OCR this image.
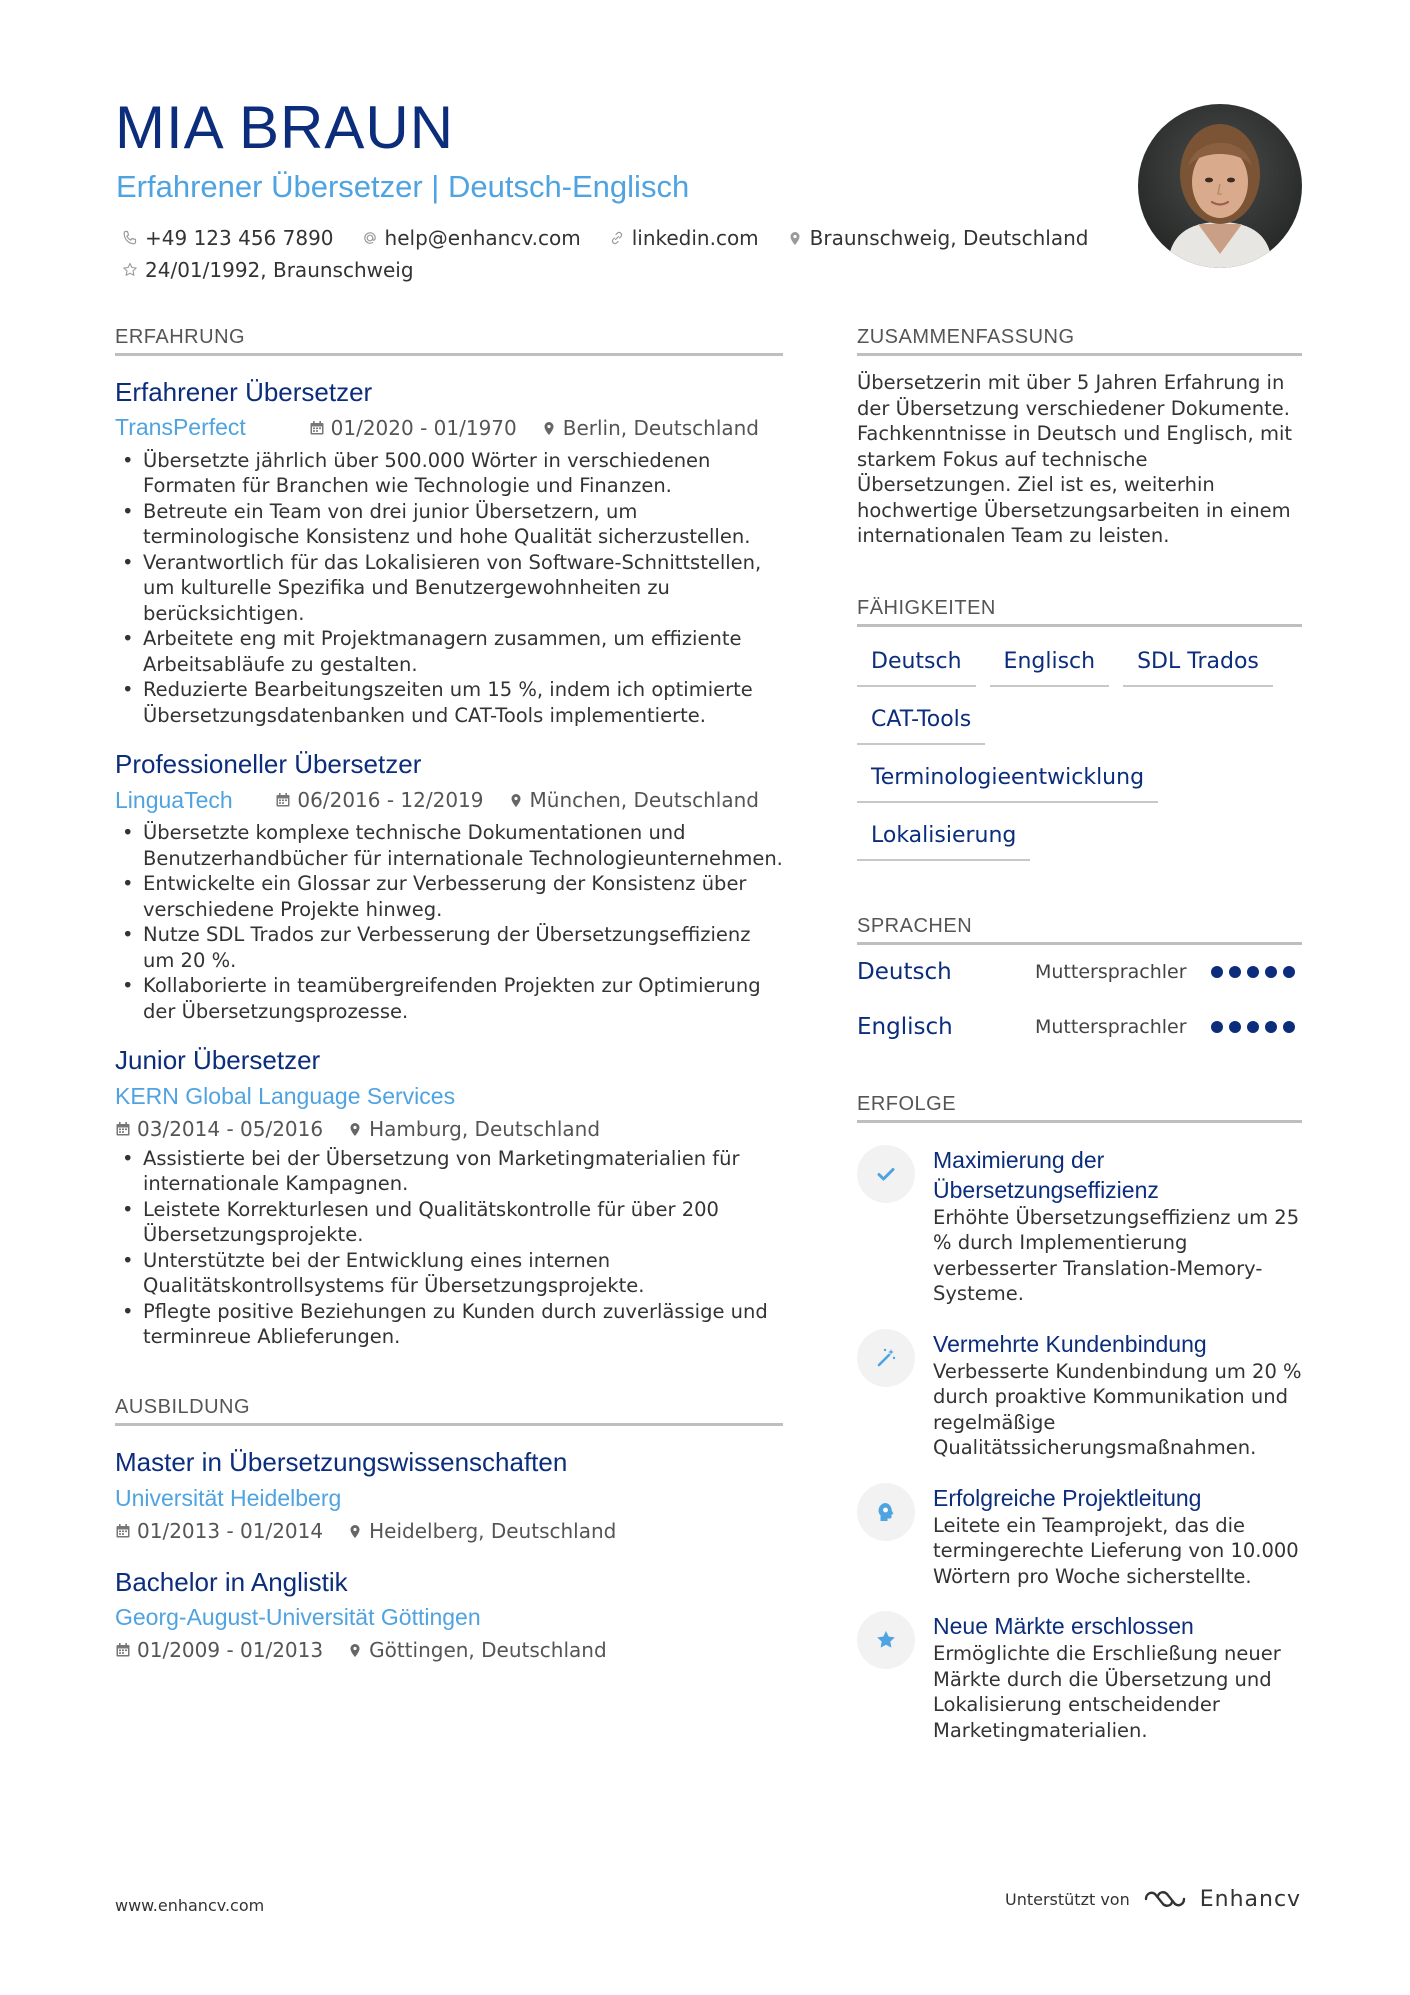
MIA BRAUN
Erfahrener Übersetzer | Deutsch-Englisch
+49 123 456 7890	help@enhancv.com	linkedin.com	Braunschweig, Deutschland
24/01/1992, Braunschweig
ERFAHRUNG
Erfahrener Übersetzer
TransPerfect	01/2020 - 01/1970 Berlin, Deutschland
• Übersetzte jährlich über 500.000 Wörter in verschiedenen Formaten für Branchen wie Technologie und Finanzen.
• Betreute ein Team von drei junior Übersetzern, um terminologische Konsistenz und hohe Qualität sicherzustellen.
• Verantwortlich für das Lokalisieren von Software-Schnittstellen, um kulturelle Spezifika und Benutzergewohnheiten zu berücksichtigen.
• Arbeitete eng mit Projektmanagern zusammen, um effiziente Arbeitsabläufe zu gestalten.
• Reduzierte Bearbeitungszeiten um 15 %, indem ich optimierte Übersetzungsdatenbanken und CAT-Tools implementierte.
Professioneller Übersetzer
LinguaTech	06/2016 - 12/2019 München, Deutschland
• Übersetzte komplexe technische Dokumentationen und Benutzerhandbücher für internationale Technologieunternehmen.
• Entwickelte ein Glossar zur Verbesserung der Konsistenz über verschiedene Projekte hinweg.
• Nutze SDL Trados zur Verbesserung der Übersetzungseffizienz um 20 %.
• Kollaborierte in teamübergreifenden Projekten zur Optimierung der Übersetzungsprozesse.
Junior Übersetzer
KERN Global Language Services
03/2014 - 05/2016 Hamburg, Deutschland
• Assistierte bei der Übersetzung von Marketingmaterialien für internationale Kampagnen.
• Leistete Korrekturlesen und Qualitätskontrolle für über 200 Übersetzungsprojekte.
• Unterstützte bei der Entwicklung eines internen Qualitätskontrollsystems für Übersetzungsprojekte.
• Pflegte positive Beziehungen zu Kunden durch zuverlässige und terminreue Ablieferungen.
AUSBILDUNG
Master in Übersetzungswissenschaften
Universität Heidelberg
01/2013 - 01/2014 Heidelberg, Deutschland
Bachelor in Anglistik
Georg-August-Universität Göttingen
01/2009 - 01/2013 Göttingen, Deutschland
ZUSAMMENFASSUNG
Übersetzerin mit über 5 Jahren Erfahrung in der Übersetzung verschiedener Dokumente. Fachkenntnisse in Deutsch und Englisch, mit starkem Fokus auf technische Übersetzungen. Ziel ist es, weiterhin hochwertige Übersetzungsarbeiten in einem internationalen Team zu leisten.
FÄHIGKEITEN
Deutsch	Englisch	SDL Trados
CAT-Tools
Terminologieentwicklung
Lokalisierung
SPRACHEN
Deutsch	Muttersprachler
Englisch	Muttersprachler
ERFOLGE
Maximierung der Übersetzungseffizienz
Erhöhte Übersetzungseffizienz um 25 % durch Implementierung verbesserter Translation-Memory-Systeme.
Vermehrte Kundenbindung
Verbesserte Kundenbindung um 20 % durch proaktive Kommunikation und regelmäßige Qualitätssicherungsmaßnahmen.
Erfolgreiche Projektleitung
Leitete ein Teamprojekt, das die termingerechte Lieferung von 10.000 Wörtern pro Woche sicherstellte.
Neue Märkte erschlossen
Ermöglichte die Erschließung neuer Märkte durch die Übersetzung und Lokalisierung entscheidender Marketingmaterialien.
www.enhancv.com	Unterstützt von	Enhancv
